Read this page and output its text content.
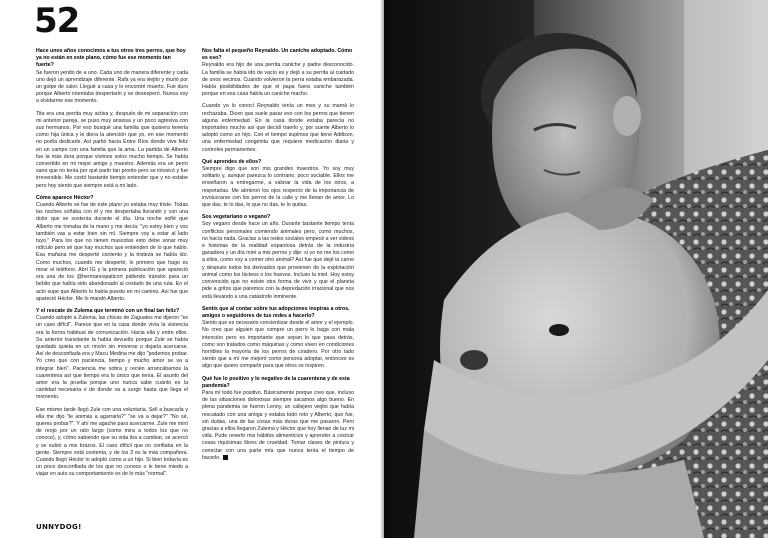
52

Hace unos años conocimos a tus otros tres perros, que hoy ya no están en este plano, cómo fue ese momento tan fuerte?

Se fueron yendo de a uno. Cada uno de manera diferente y cada uno dejó un aprendizaje diferente. Rafa ya era viejito y murió por un golpe de calor. Llegué a casa y lo encontré muerto. Fue duro porque Alberto intentaba despertarlo y se desesperó. Nunca voy a olvidarme ese momento.

Tita era una perrita muy activa y, después de mi separación con mi anterior pareja, se puso muy ansiosa y un poco agresiva con sus hermanos. Por eso busqué una familia que quisiera tenerla como hija única y le diera la atención que yo, en ese momento no podía dedicarle. Así partió hacia Entre Ríos donde vive feliz en un campo con una familia que la ama. La partida de Alberto fue la más dura porque vivimos solos mucho tiempo. Se había convertido en mi mejor amigo y maestro. Además era un perro sano que no tenía por qué partir tan pronto pero se intoxicó y fue irreversible. Me costó bastante tiempo entender que y no estabe pero hoy siento que siempre está a mi lado.

Cómo aparece Héctor?

Cuando Alberto se fue de este plano yo estaba muy triste. Todas las noches soñaba con él y me despertaba llorando y con una dolor que se sostenía durante el día. Una noche soñé que Alberto me tomaba de la mano y me decía: "yo estoy bien y vos también vas a estar bien sin mí. Siempre voy a estar al lado tuyo." Para los que no tienen mascotas esto debe sonar muy ridículo pero sé que hay muchos que entienden de lo que hablo. Esa mañana me desperté contento y la tristeza se había ido. Como muchos, cuando me desperté, lo primero que hago es mirar el teléfono. Abrí IG y la primera publicación que apareció era una de los @hermanospaticort pidiendo tránsito para un bebito que había sido abandonado al costado de una ruta. En el acto supe que Alberto lo había puesto en mi camino. Así fue que apareció Héctor. Me lo mandó Alberto.

Y el rescate de Zulema que terminó con un final tan feliz?

Cuando adopté a Zulema, las chicas de Zaguates me dijeron "es un caso difícil". Parece que en la casa donde vivía la violencia era la forma habitual de comunicación. Hacia ella y entre ellos. Su anterior transitante la había devuelto porque Zule se había quedado quieta en un rincón sin moverse o dejarla acercarse. Así de desconfiada era y Macu Medina me dijo "podemos probar. Yo creo que con paciencia, tiempo y mucho amor se va a integrar bien". Paciencia me sobra y recién arrancábamos la cuarentena así que tiempo era lo único que tenía. El asunto del amor era la prueba porque uno nunca sabe cuánto es la cantidad necesaria o de donde va a surgir hasta que llega el momento.

Ese mismo tarde llegó Zule con una voluntaria. Sell a buscarla y ella me dijo "te animás a agarrarla?" "se va a dejar?" "No sé, queres probar?". Y ahí me agaché para acercarme. Zule me miró de reojo por un rato largo (como mira a todos los que no conoce), y, cómo sabiendo que su vida iba a cambiar, se acercó y se subió a mis brazos. El caso difícil que no confiaba en la gente. Siempre está contenta, y de los 3 es la más compañera. Cuando llegó Héctor lo adoptó como a un hijo. Si bien todavía es un poco desconfiada de los que no conoce o le tiene miedo a viajar en auto su comportamiento es de lo más "normal".

Nos falta el pequeño Reynaldo. Un caniche adoptado. Cómo es eso?

Reynaldo era hijo de una perrita caniche y padre desconocido. La familia se había ido de vacío es y dejó a su perrita al cuidado de unos vecinos. Cuando volvieron la perra estaba embarazada. Había posibilidades de que el papa fuera caniche también porque en esa casa había un caniche macho.

Cuando yo lo conocí Reynaldo tenía un mes y su mamá lo rechazaba. Dicen que suele pasar eso con los perros que tienen alguna enfermedad. En la casa donde estaba parecía no importarles mucho así que decidí traerlo y, por suerte Alberto lo adoptó como un hijo. Con el tiempo supimos que tiene Addison, una enfermedad congénita que requiere medicación diaria y controles permanentes.

Qué aprendes de ellos?

Siempre digo que son mis grandes maestros. Yo soy muy solitario y, aunque parezca lo contrario, poco sociable. Ellos me enseñaron a entregarme, a valorar la vida de los otros, a respetarlas. Me abrieron los ojos respecto de la importancia de involucrarse con los perros de la calle y me llenan de amor. Lo que das, te lo das, lo que no das, te lo quitas.

Sos vegetariano o vegano?

Soy vegano desde hace un año. Durante bastante tiempo tenía conflictos personales comiendo animales pero, como muchos, no hacía nada. Gracias a las redes sociales empecé a ver videos e historias de la realidad espantosa detrás de la industria ganadera y un día miré a mis perros y dije: si yo no me los como a ellos, como voy a comer otro animal? Así fue que dejé la carne y después todos los derivados que provienen de la explotación animal como los lácteos o los huevos. Incluso la miel. Hoy estoy convencido que no existe otra forma de vivir y que el planeta pide a gritos que paremos con la depredación irracional que nos está llevando a una catástrofe inminente.

Sentís que al contar sobre tus adopciones inspiras a otros, amigos o seguidores de tus redes a hacerlo?

Siento que es necesario concientizar desde el amor y el ejemplo. No creo que alguien que compre un perro lo haga con mala intención pero es importante que sepan lo que pasa detrás, como son tratados como máquinas y como viven en condiciones horribles la mayoría de los perros de criadero. Por otro lado siento que a mí me mejoró como persona adoptar, entonces es algo que quiero compartir para que otros se inspiren.

Qué fue lo positivo y lo negativo de la cuarentena y de esta pandemia?

Para mí todo fue positivo. Básicamente porque creo que, incluso de las situaciones dolorosas siempre sacamos algo bueno. En plena pandemia se fueron Lenny, un callejero viejito que había rescatado con una amiga y estaba todo roto y Alberto, que fue, sin dudas, una de las cosas más duras que me pasaron. Pero gracias a ellos llegaron Zulema y Héctor que hoy llenan de luz mi vida. Pude revertir mis hábitos alimenticios y aprender a cocinar cosas riquísimas libres de crueldad. Tomar clases de pintura y conectar con una parte mía que nunca tenía el tiempo de hacerlo.

UNNYDOG!
